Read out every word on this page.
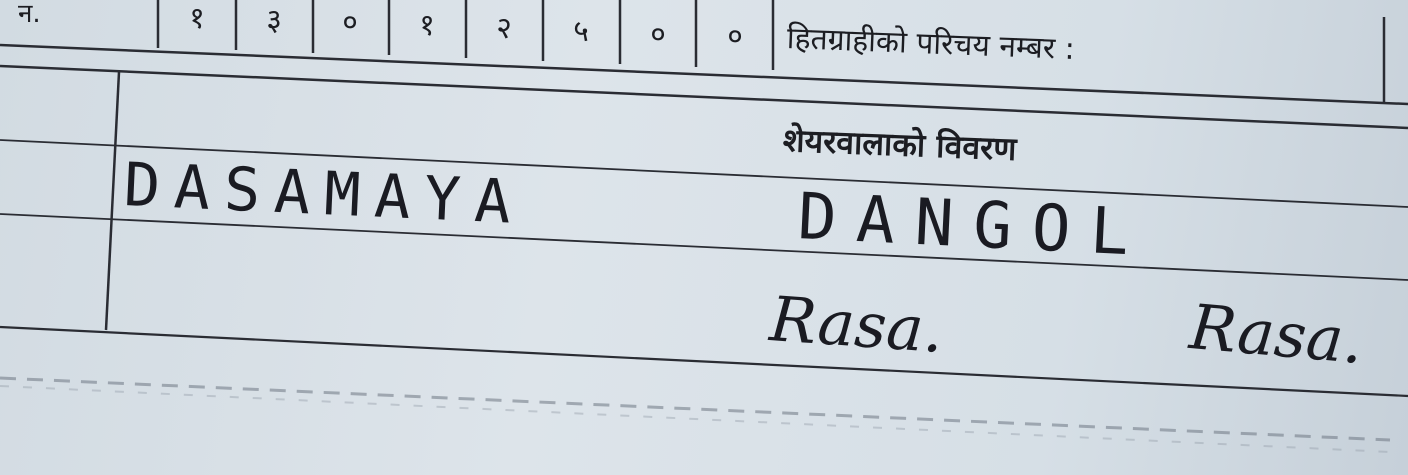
न.	१ ३ ० १ २ ५ ० ० हितग्राहीको परिचय नम्बर :

शेयरवालाको विवरण

DASAMAYA	DANGOL
Rasa.	Rasa.
